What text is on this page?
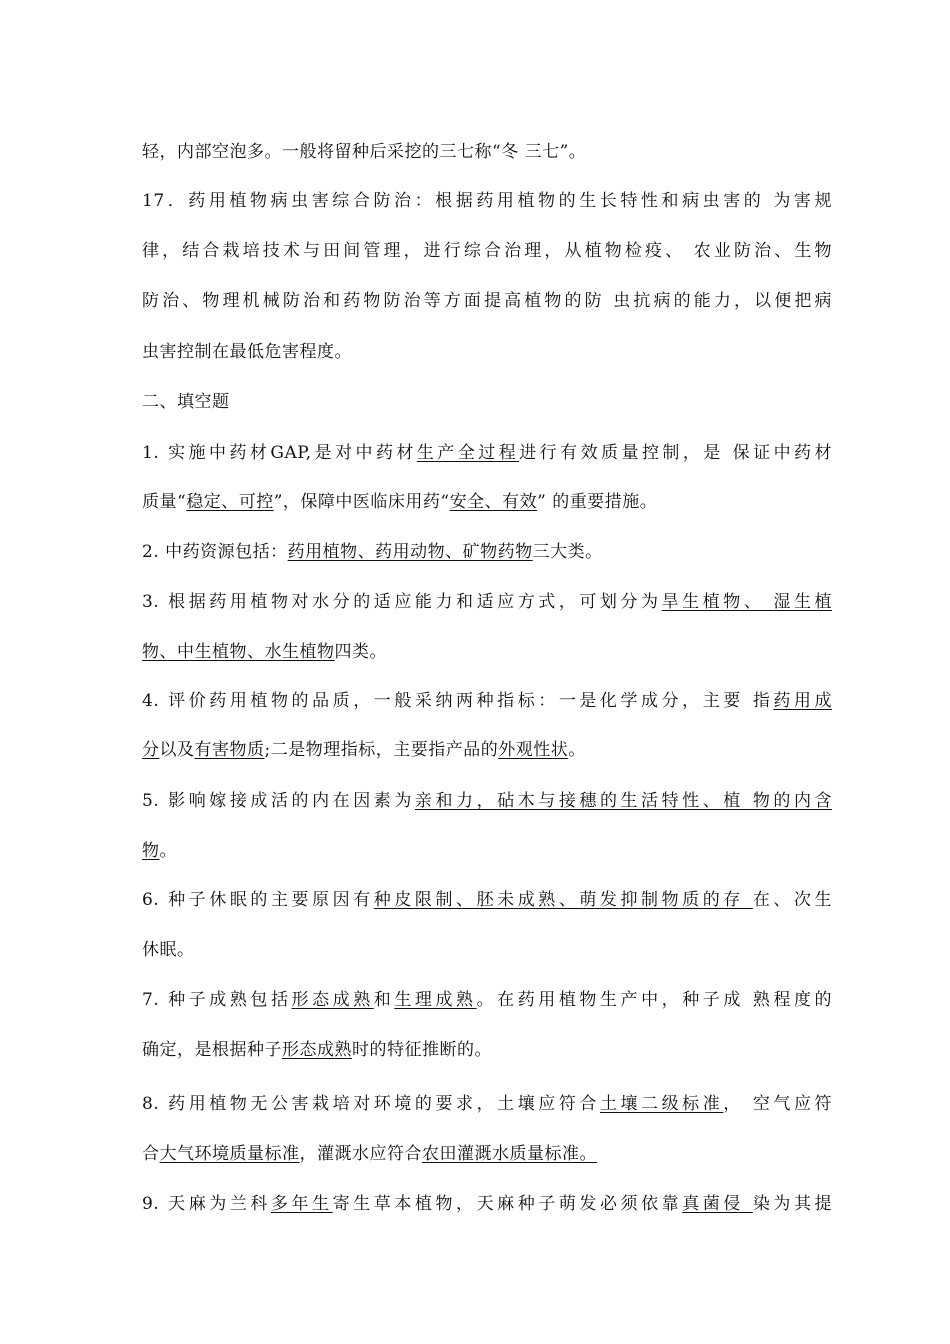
轻，内部空泡多。一般将留种后采挖的三七称“冬 三七”。
17．药用植物病虫害综合防治：根据药用植物的生长特性和病虫害的 为害规
律，结合栽培技术与田间管理，进行综合治理，从植物检疫、 农业防治、生物
防治、物理机械防治和药物防治等方面提高植物的防 虫抗病的能力，以便把病
虫害控制在最低危害程度。
二、填空题
1. 实施中药材GAP,是对中药材生产全过程进行有效质量控制，是 保证中药材
质量“稳定、可控”，保障中医临床用药“安全、有效” 的重要措施。
2. 中药资源包括：药用植物、药用动物、矿物药物三大类。
3. 根据药用植物对水分的适应能力和适应方式，可划分为旱生植物、 湿生植
物、中生植物、水生植物四类。
4. 评价药用植物的品质，一般采纳两种指标：一是化学成分，主要 指药用成
分以及有害物质;二是物理指标，主要指产品的外观性状。
5. 影响嫁接成活的内在因素为亲和力，砧木与接穗的生活特性、植 物的内含
物。
6. 种子休眠的主要原因有种皮限制、胚未成熟、萌发抑制物质的存 在、次生
休眠。
7. 种子成熟包括形态成熟和生理成熟。在药用植物生产中，种子成 熟程度的
确定，是根据种子形态成熟时的特征推断的。
8. 药用植物无公害栽培对环境的要求，土壤应符合土壤二级标准， 空气应符
合大气环境质量标准，灌溉水应符合农田灌溉水质量标准。
9. 天麻为兰科多年生寄生草本植物，天麻种子萌发必须依靠真菌侵 染为其提
